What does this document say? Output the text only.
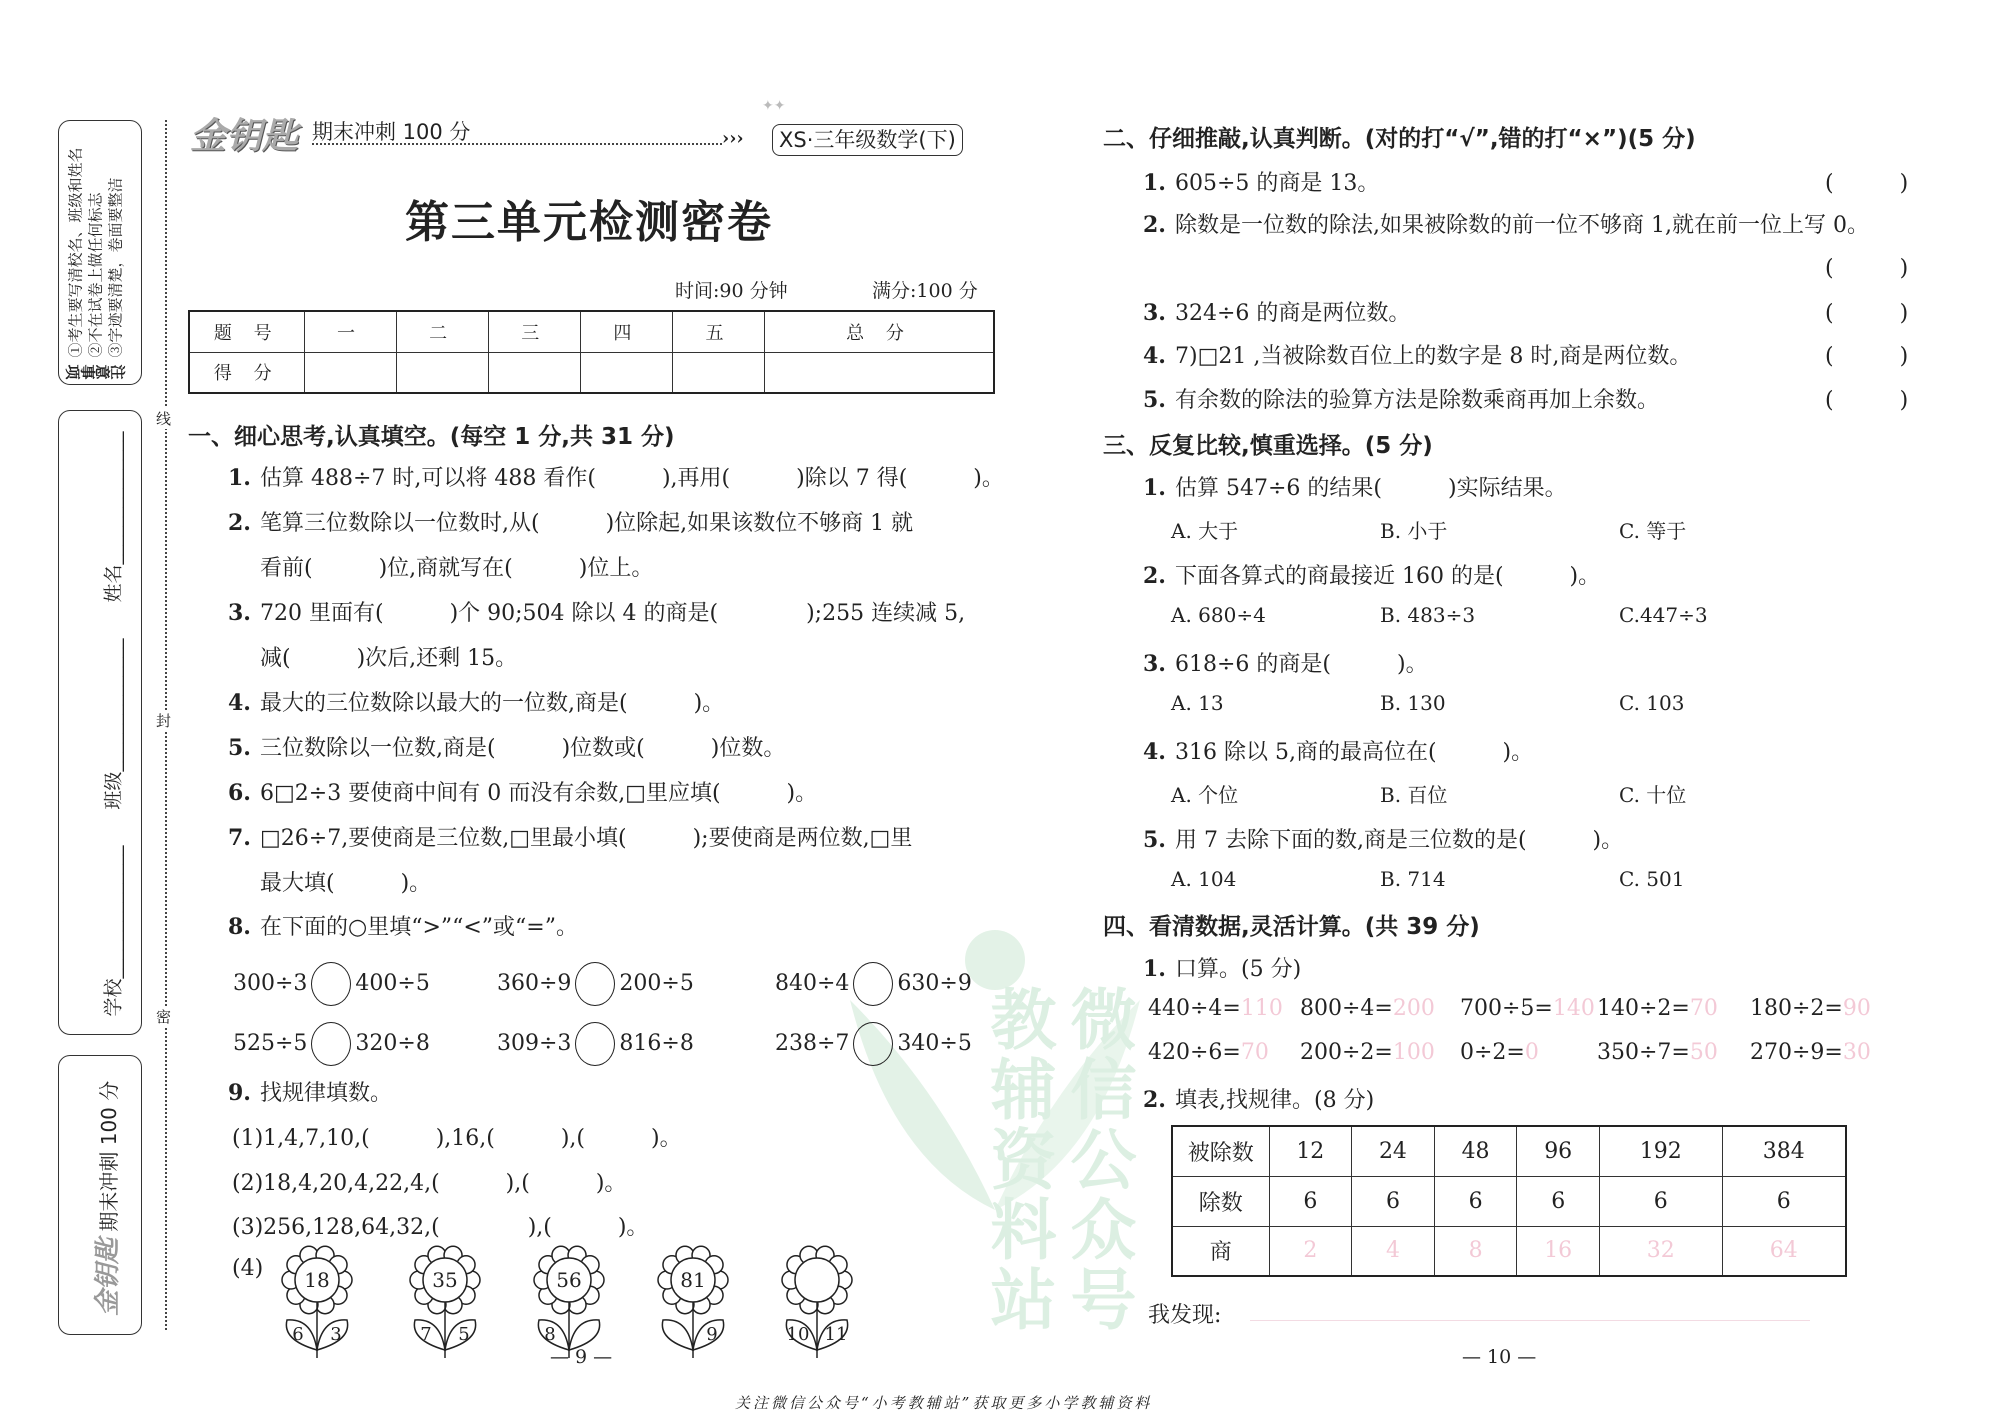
微信公众号
教辅资料站
注意事项
①考生要写清校名、班级和姓名 ②不在试卷上做任何标志 ③字迹要清楚，卷面要整洁
学校______________
班级______________
姓名______________
金钥匙 期末冲刺 100 分
线
封
密
金钥匙 期末冲刺 100 分	›››
✦✦
XS·三年级数学(下)
第三单元检测密卷
时间:90 分钟	满分:100 分
题 号	一	二	三	四	五	总 分
得 分						
一、细心思考,认真填空。(每空 1 分,共 31 分)
1. 估算 488÷7 时,可以将 488 看作(　　　),再用(　　　)除以 7 得(　　　)。
2. 笔算三位数除以一位数时,从(　　　)位除起,如果该数位不够商 1 就
看前(　　　)位,商就写在(　　　)位上。
3. 720 里面有(　　　)个 90;504 除以 4 的商是(　　　　);255 连续减 5,
减(　　　)次后,还剩 15。
4. 最大的三位数除以最大的一位数,商是(　　　)。
5. 三位数除以一位数,商是(　　　)位数或(　　　)位数。
6. 6□2÷3 要使商中间有 0 而没有余数,□里应填(　　　)。
7. □26÷7,要使商是三位数,□里最小填(　　　);要使商是两位数,□里
最大填(　　　)。
8. 在下面的○里填“>”“<”或“=”。
300÷3 400÷5	360÷9 200÷5	840÷4 630÷9
525÷5 320÷8	309÷3 816÷8	238÷7 340÷5
9. 找规律填数。
(1)1,4,7,10,(　　　),16,(　　　),(　　　)。
(2)18,4,20,4,22,4,(　　　),(　　　)。
(3)256,128,64,32,(　　　　),(　　　)。
(4)	18
6	3
35
7	5
56
8
81
9	10 11
— 9 —
二、仔细推敲,认真判断。(对的打“√”,错的打“×”)(5 分)
1. 605÷5 的商是 13。	(　　　)
2. 除数是一位数的除法,如果被除数的前一位不够商 1,就在前一位上写 0。
(　　　)
3. 324÷6 的商是两位数。	(　　　)
4. 7)□21 ,当被除数百位上的数字是 8 时,商是两位数。	(　　　)
5. 有余数的除法的验算方法是除数乘商再加上余数。	(　　　)
三、反复比较,慎重选择。(5 分)
1. 估算 547÷6 的结果(　　　)实际结果。
A. 大于	B. 小于	C. 等于
2. 下面各算式的商最接近 160 的是(　　　)。
A. 680÷4	B. 483÷3	C.447÷3
3. 618÷6 的商是(　　　)。
A. 13	B. 130	C. 103
4. 316 除以 5,商的最高位在(　　　)。
A. 个位	B. 百位	C. 十位
5. 用 7 去除下面的数,商是三位数的是(　　　)。
A. 104	B. 714	C. 501
四、看清数据,灵活计算。(共 39 分)
1. 口算。(5 分)
440÷4=110 800÷4=200 700÷5=140 140÷2=70 180÷2=90
420÷6=70 200÷2=100 0÷2=0	350÷7=50 270÷9=30
2. 填表,找规律。(8 分)
被除数	12	24	48	96	192	384
除数	6	6	6	6	6	6
商	2	4	8	16	32	64
我发现:
— 10 —
关注微信公众号“小考教辅站”获取更多小学教辅资料
